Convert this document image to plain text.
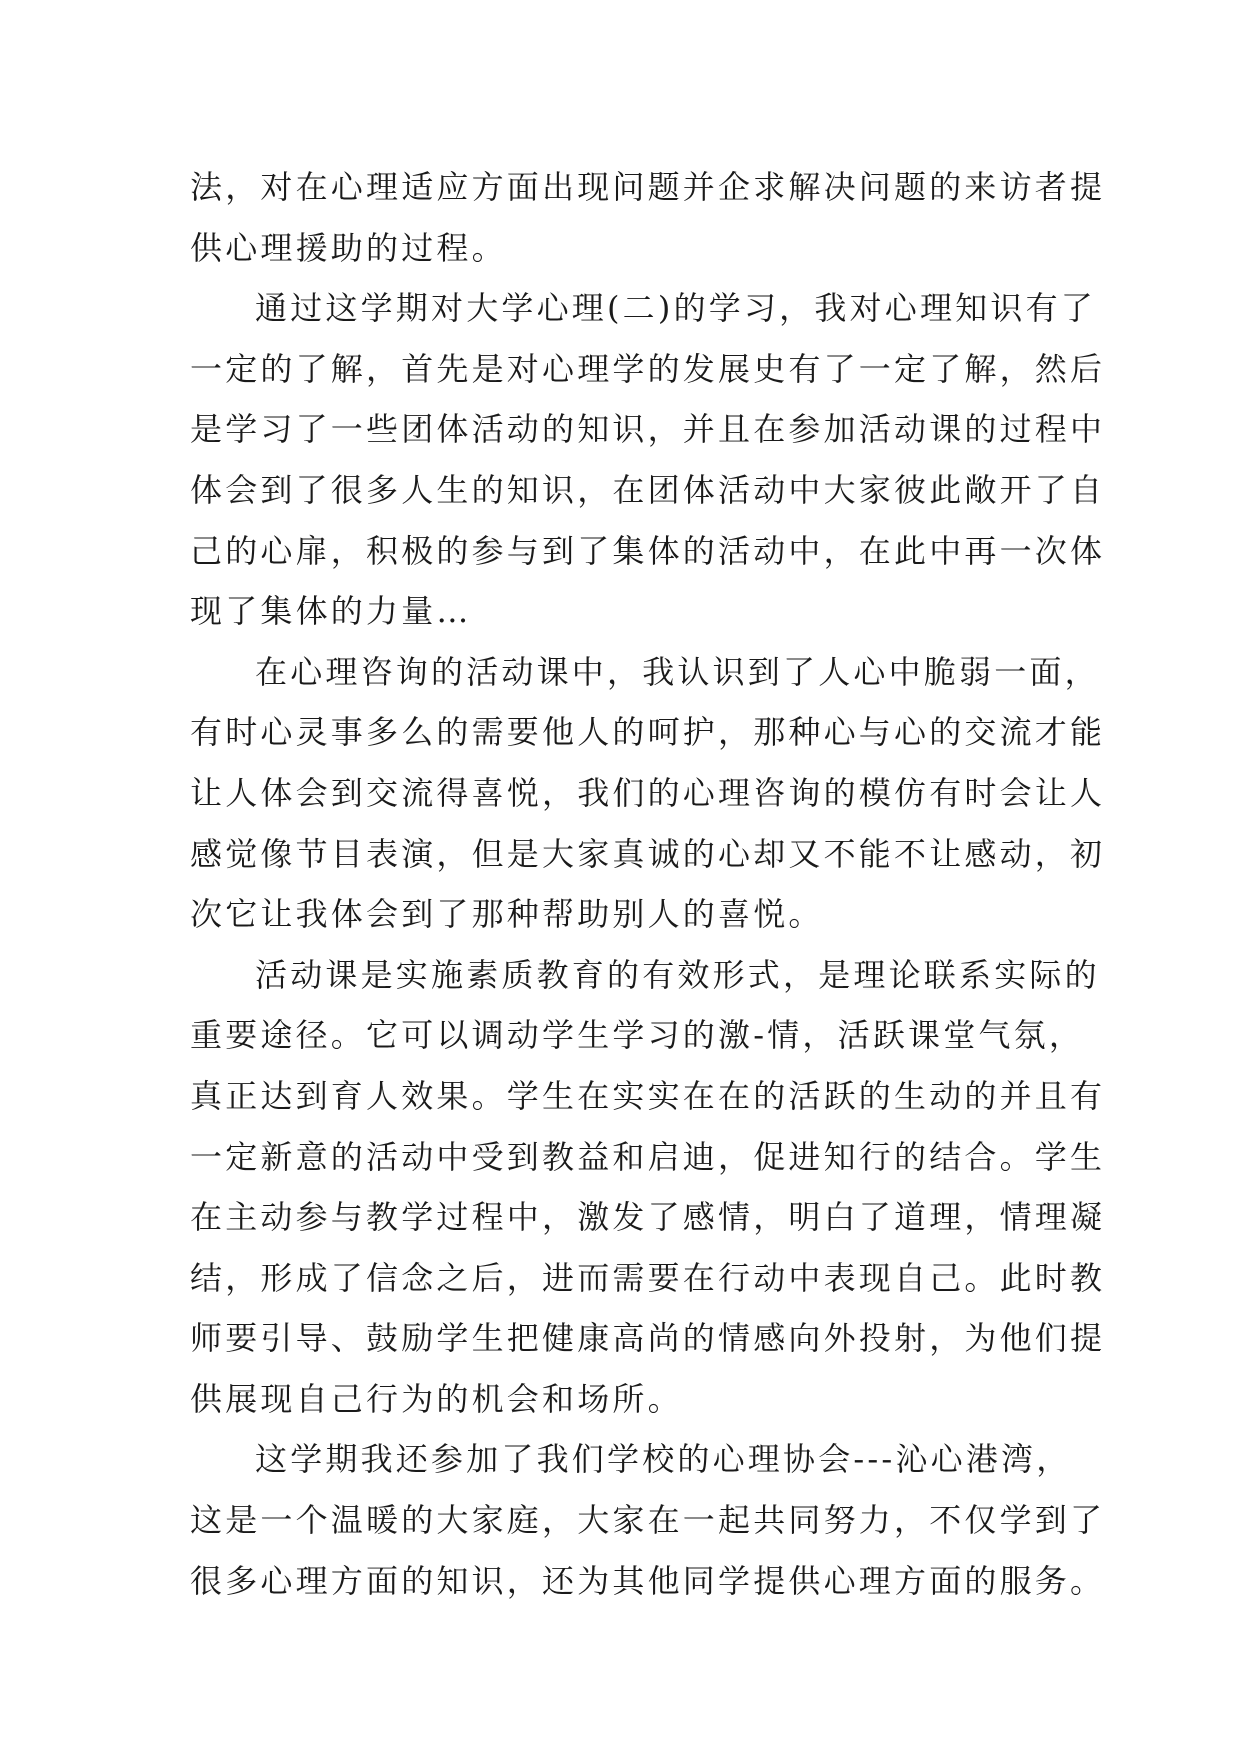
法，对在心理适应方面出现问题并企求解决问题的来访者提
供心理援助的过程。
通过这学期对大学心理(二)的学习，我对心理知识有了
一定的了解，首先是对心理学的发展史有了一定了解，然后
是学习了一些团体活动的知识，并且在参加活动课的过程中
体会到了很多人生的知识，在团体活动中大家彼此敞开了自
己的心扉，积极的参与到了集体的活动中，在此中再一次体
现了集体的力量…
在心理咨询的活动课中，我认识到了人心中脆弱一面，
有时心灵事多么的需要他人的呵护，那种心与心的交流才能
让人体会到交流得喜悦，我们的心理咨询的模仿有时会让人
感觉像节目表演，但是大家真诚的心却又不能不让感动，初
次它让我体会到了那种帮助别人的喜悦。
活动课是实施素质教育的有效形式，是理论联系实际的
重要途径。它可以调动学生学习的激-情，活跃课堂气氛，
真正达到育人效果。学生在实实在在的活跃的生动的并且有
一定新意的活动中受到教益和启迪，促进知行的结合。学生
在主动参与教学过程中，激发了感情，明白了道理，情理凝
结，形成了信念之后，进而需要在行动中表现自己。此时教
师要引导、鼓励学生把健康高尚的情感向外投射，为他们提
供展现自己行为的机会和场所。
这学期我还参加了我们学校的心理协会---沁心港湾，
这是一个温暖的大家庭，大家在一起共同努力，不仅学到了
很多心理方面的知识，还为其他同学提供心理方面的服务。
